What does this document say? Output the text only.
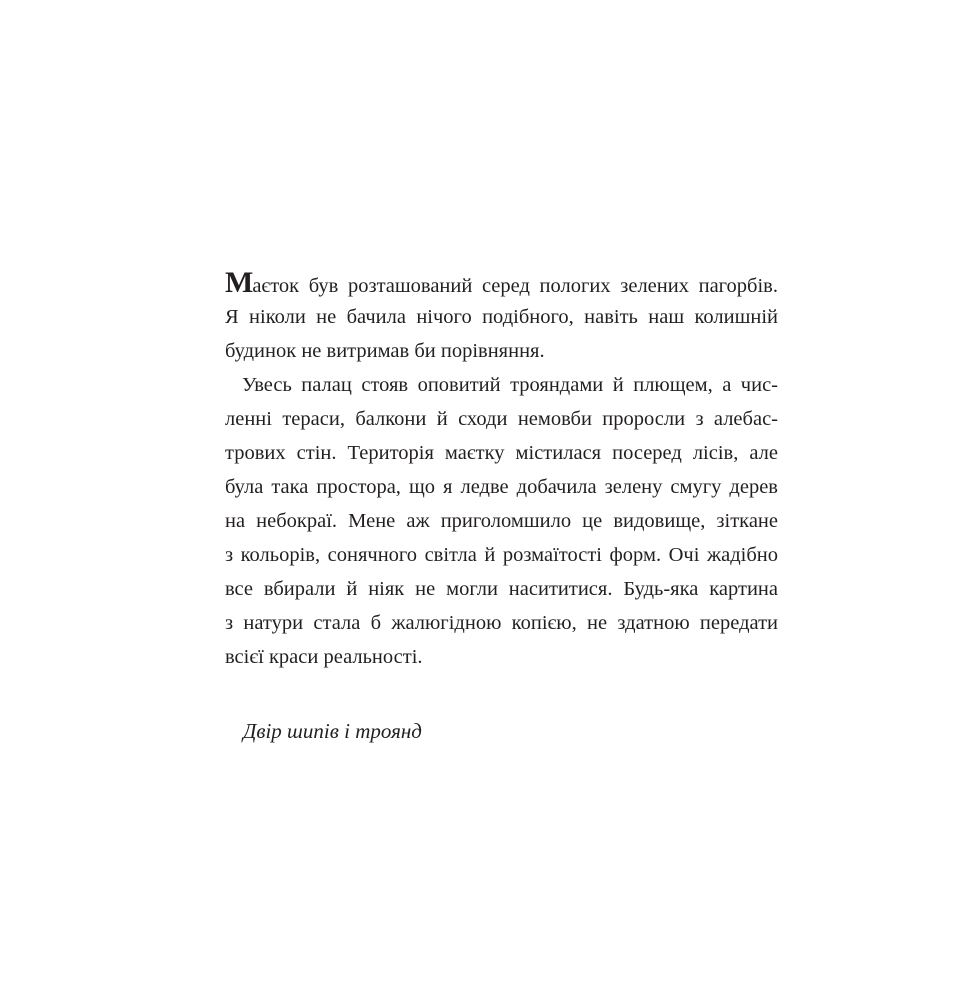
Маєток був розташований серед пологих зелених пагорбів.
Я ніколи не бачила нічого подібного, навіть наш колишній
будинок не витримав би порівняння.
Увесь палац стояв оповитий трояндами й плющем, а чис-
ленні тераси, балкони й сходи немовби проросли з алебас-
трових стін. Територія маєтку містилася посеред лісів, але
була така простора, що я ледве добачила зелену смугу дерев
на небокраї. Мене аж приголомшило це видовище, зіткане
з кольорів, сонячного світла й розмаїтості форм. Очі жадібно
все вбирали й ніяк не могли насититися. Будь-яка картина
з натури стала б жалюгідною копією, не здатною передати
всієї краси реальності.
Двір шипів і троянд
